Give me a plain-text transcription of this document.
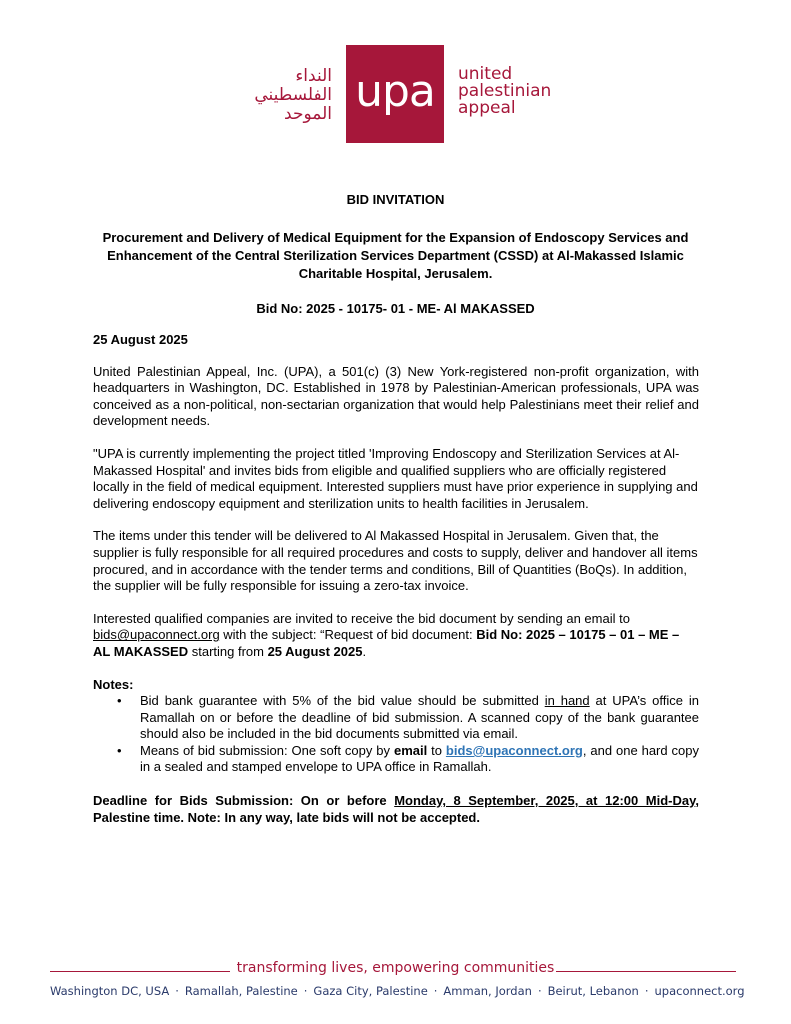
النداء
الفلسطيني
الموحد upa united
palestinian
appeal
BID INVITATION
Procurement and Delivery of Medical Equipment for the Expansion of Endoscopy Services and Enhancement of the Central Sterilization Services Department (CSSD) at Al-Makassed Islamic Charitable Hospital, Jerusalem.
Bid No: 2025 - 10175- 01 - ME- Al MAKASSED

25 August 2025

United Palestinian Appeal, Inc. (UPA), a 501(c) (3) New York-registered non-profit organization, with headquarters in Washington, DC. Established in 1978 by Palestinian-American professionals, UPA was conceived as a non-political, non-sectarian organization that would help Palestinians meet their relief and development needs.

"UPA is currently implementing the project titled 'Improving Endoscopy and Sterilization Services at Al-Makassed Hospital' and invites bids from eligible and qualified suppliers who are officially registered locally in the field of medical equipment. Interested suppliers must have prior experience in supplying and delivering endoscopy equipment and sterilization units to health facilities in Jerusalem.

The items under this tender will be delivered to Al Makassed Hospital in Jerusalem. Given that, the supplier is fully responsible for all required procedures and costs to supply, deliver and handover all items procured, and in accordance with the tender terms and conditions, Bill of Quantities (BoQs). In addition, the supplier will be fully responsible for issuing a zero-tax invoice.

Interested qualified companies are invited to receive the bid document by sending an email to bids@upaconnect.org with the subject: “Request of bid document: Bid No: 2025 – 10175 – 01 – ME – AL MAKASSED starting from 25 August 2025.

Notes:

• Bid bank guarantee with 5% of the bid value should be submitted in hand at UPA’s office in Ramallah on or before the deadline of bid submission. A scanned copy of the bank guarantee should also be included in the bid documents submitted via email.
• Means of bid submission: One soft copy by email to bids@upaconnect.org, and one hard copy in a sealed and stamped envelope to UPA office in Ramallah.

Deadline for Bids Submission: On or before Monday, 8 September, 2025, at 12:00 Mid-Day, Palestine time. Note: In any way, late bids will not be accepted.

transforming lives, empowering communities
Washington DC, USA · Ramallah, Palestine · Gaza City, Palestine · Amman, Jordan · Beirut, Lebanon · upaconnect.org
